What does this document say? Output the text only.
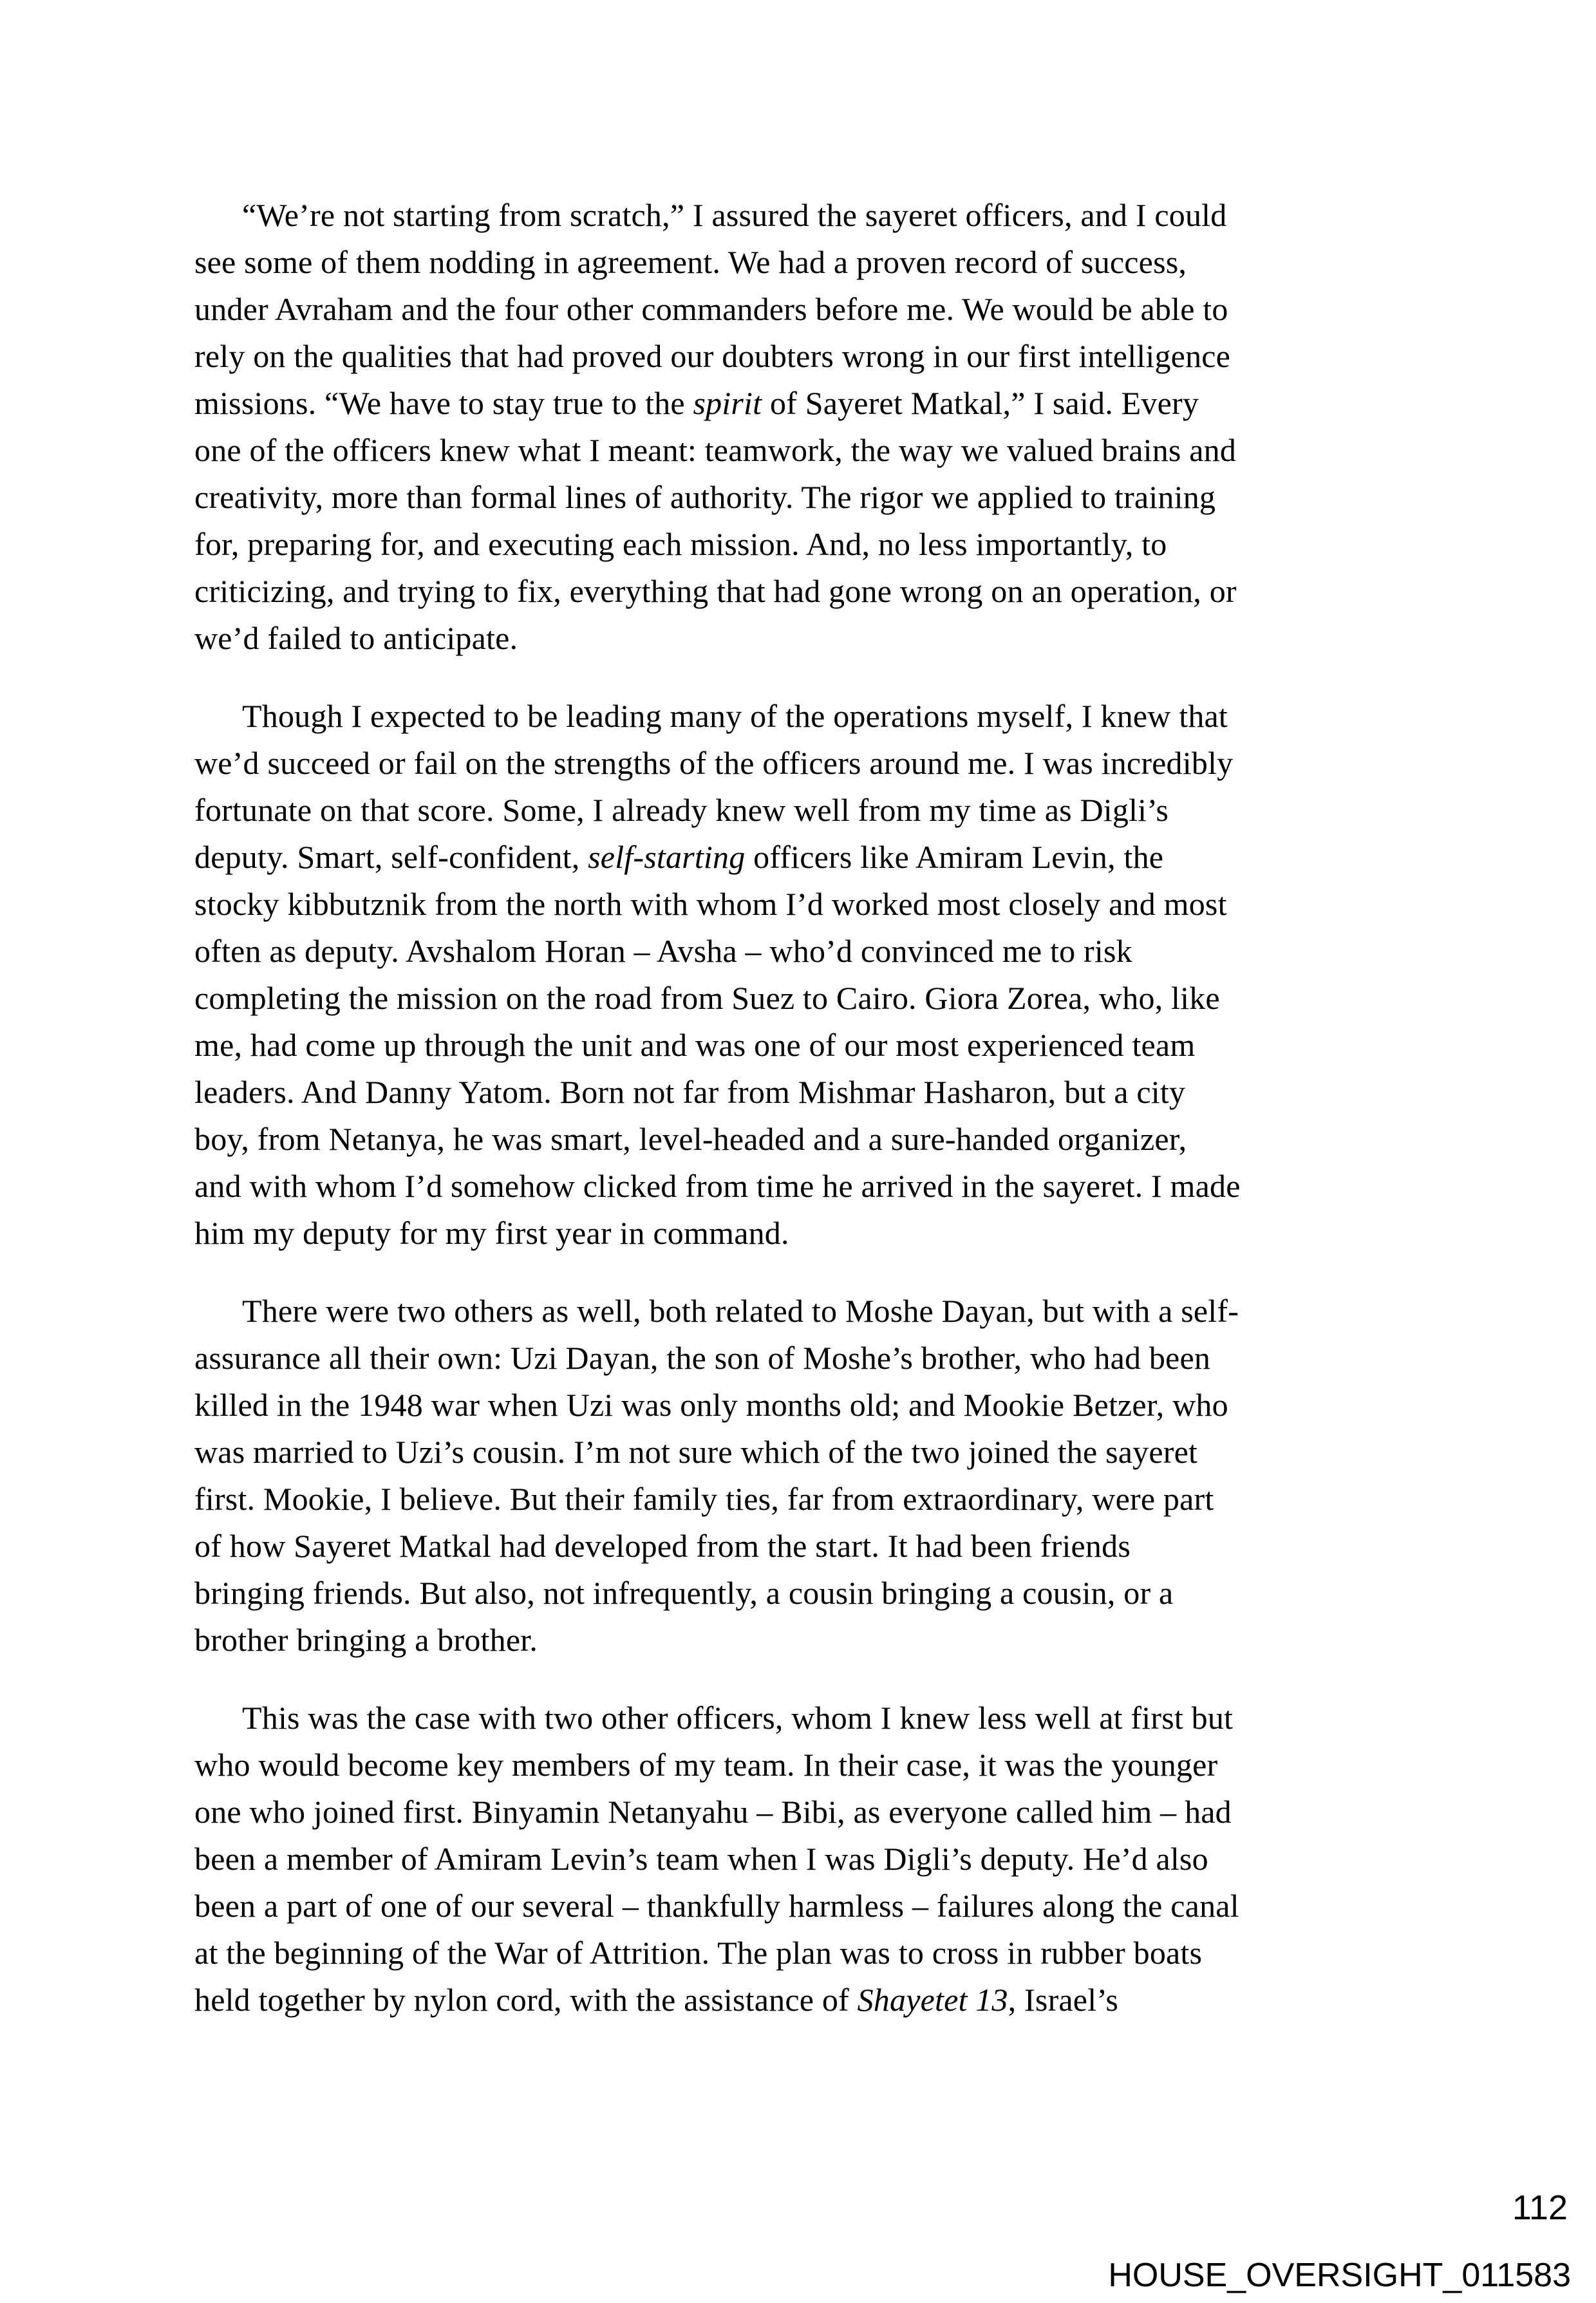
“We’re not starting from scratch,” I assured the sayeret officers, and I could
see some of them nodding in agreement. We had a proven record of success,
under Avraham and the four other commanders before me. We would be able to
rely on the qualities that had proved our doubters wrong in our first intelligence
missions. “We have to stay true to the spirit of Sayeret Matkal,” I said. Every
one of the officers knew what I meant: teamwork, the way we valued brains and
creativity, more than formal lines of authority. The rigor we applied to training
for, preparing for, and executing each mission. And, no less importantly, to
criticizing, and trying to fix, everything that had gone wrong on an operation, or
we’d failed to anticipate.
Though I expected to be leading many of the operations myself, I knew that
we’d succeed or fail on the strengths of the officers around me. I was incredibly
fortunate on that score. Some, I already knew well from my time as Digli’s
deputy. Smart, self-confident, self-starting officers like Amiram Levin, the
stocky kibbutznik from the north with whom I’d worked most closely and most
often as deputy. Avshalom Horan – Avsha – who’d convinced me to risk
completing the mission on the road from Suez to Cairo. Giora Zorea, who, like
me, had come up through the unit and was one of our most experienced team
leaders. And Danny Yatom. Born not far from Mishmar Hasharon, but a city
boy, from Netanya, he was smart, level-headed and a sure-handed organizer,
and with whom I’d somehow clicked from time he arrived in the sayeret. I made
him my deputy for my first year in command.
There were two others as well, both related to Moshe Dayan, but with a self-
assurance all their own: Uzi Dayan, the son of Moshe’s brother, who had been
killed in the 1948 war when Uzi was only months old; and Mookie Betzer, who
was married to Uzi’s cousin. I’m not sure which of the two joined the sayeret
first. Mookie, I believe. But their family ties, far from extraordinary, were part
of how Sayeret Matkal had developed from the start. It had been friends
bringing friends. But also, not infrequently, a cousin bringing a cousin, or a
brother bringing a brother.
This was the case with two other officers, whom I knew less well at first but
who would become key members of my team. In their case, it was the younger
one who joined first. Binyamin Netanyahu – Bibi, as everyone called him – had
been a member of Amiram Levin’s team when I was Digli’s deputy. He’d also
been a part of one of our several – thankfully harmless – failures along the canal
at the beginning of the War of Attrition. The plan was to cross in rubber boats
held together by nylon cord, with the assistance of Shayetet 13, Israel’s
112
HOUSE_OVERSIGHT_011583
